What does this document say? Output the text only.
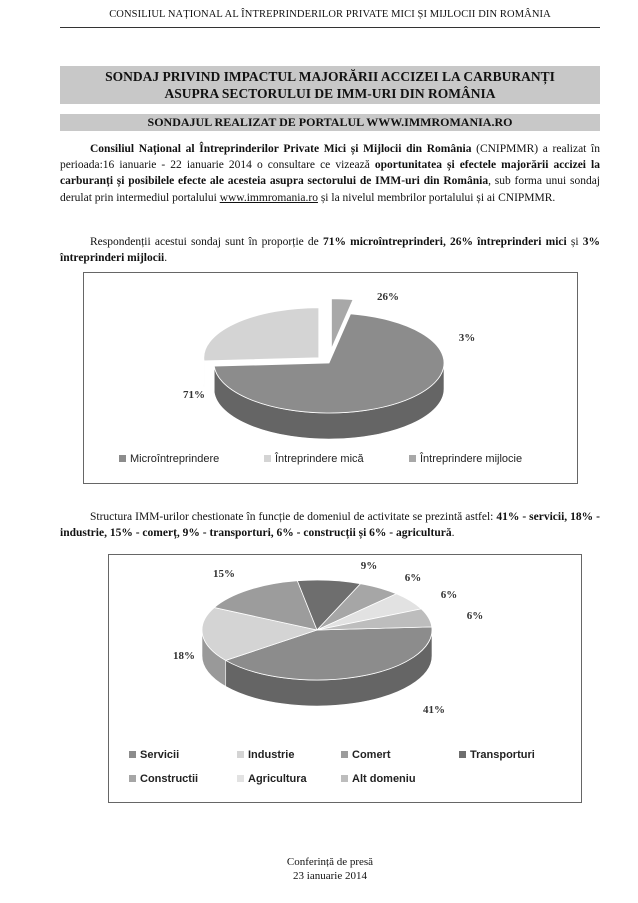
CONSILIUL NAȚIONAL AL ÎNTREPRINDERILOR PRIVATE MICI ȘI MIJLOCII DIN ROMÂNIA
SONDAJ PRIVIND IMPACTUL MAJORĂRII ACCIZEI LA CARBURANȚI
ASUPRA SECTORULUI DE IMM-URI DIN ROMÂNIA
SONDAJUL REALIZAT DE PORTALUL WWW.IMMROMANIA.RO
Consiliul Național al Întreprinderilor Private Mici și Mijlocii din România (CNIPMMR) a realizat în perioada:16 ianuarie - 22 ianuarie 2014 o consultare ce vizează oportunitatea și efectele majorării accizei la carburanți și posibilele efecte ale acesteia asupra sectorului de IMM-uri din România, sub forma unui sondaj derulat prin intermediul portalului www.immromania.ro și la nivelul membrilor portalului și ai CNIPMMR.
Respondenții acestui sondaj sunt în proporție de 71% microîntreprinderi, 26% întreprinderi mici și 3% întreprinderi mijlocii.
71%
26%
3%
Microîntreprindere	Întreprindere mică	Întreprindere mijlocie
Structura IMM-urilor chestionate în funcție de domeniul de activitate se prezintă astfel: 41% - servicii, 18% - industrie, 15% - comerț, 9% - transporturi, 6% - construcții și 6% - agricultură.
41%
18%
15%
9%
6%
6%
6%
Servicii	Industrie	Comert	Transporturi
Constructii	Agricultura	Alt domeniu
Conferință de presă
23 ianuarie 2014
